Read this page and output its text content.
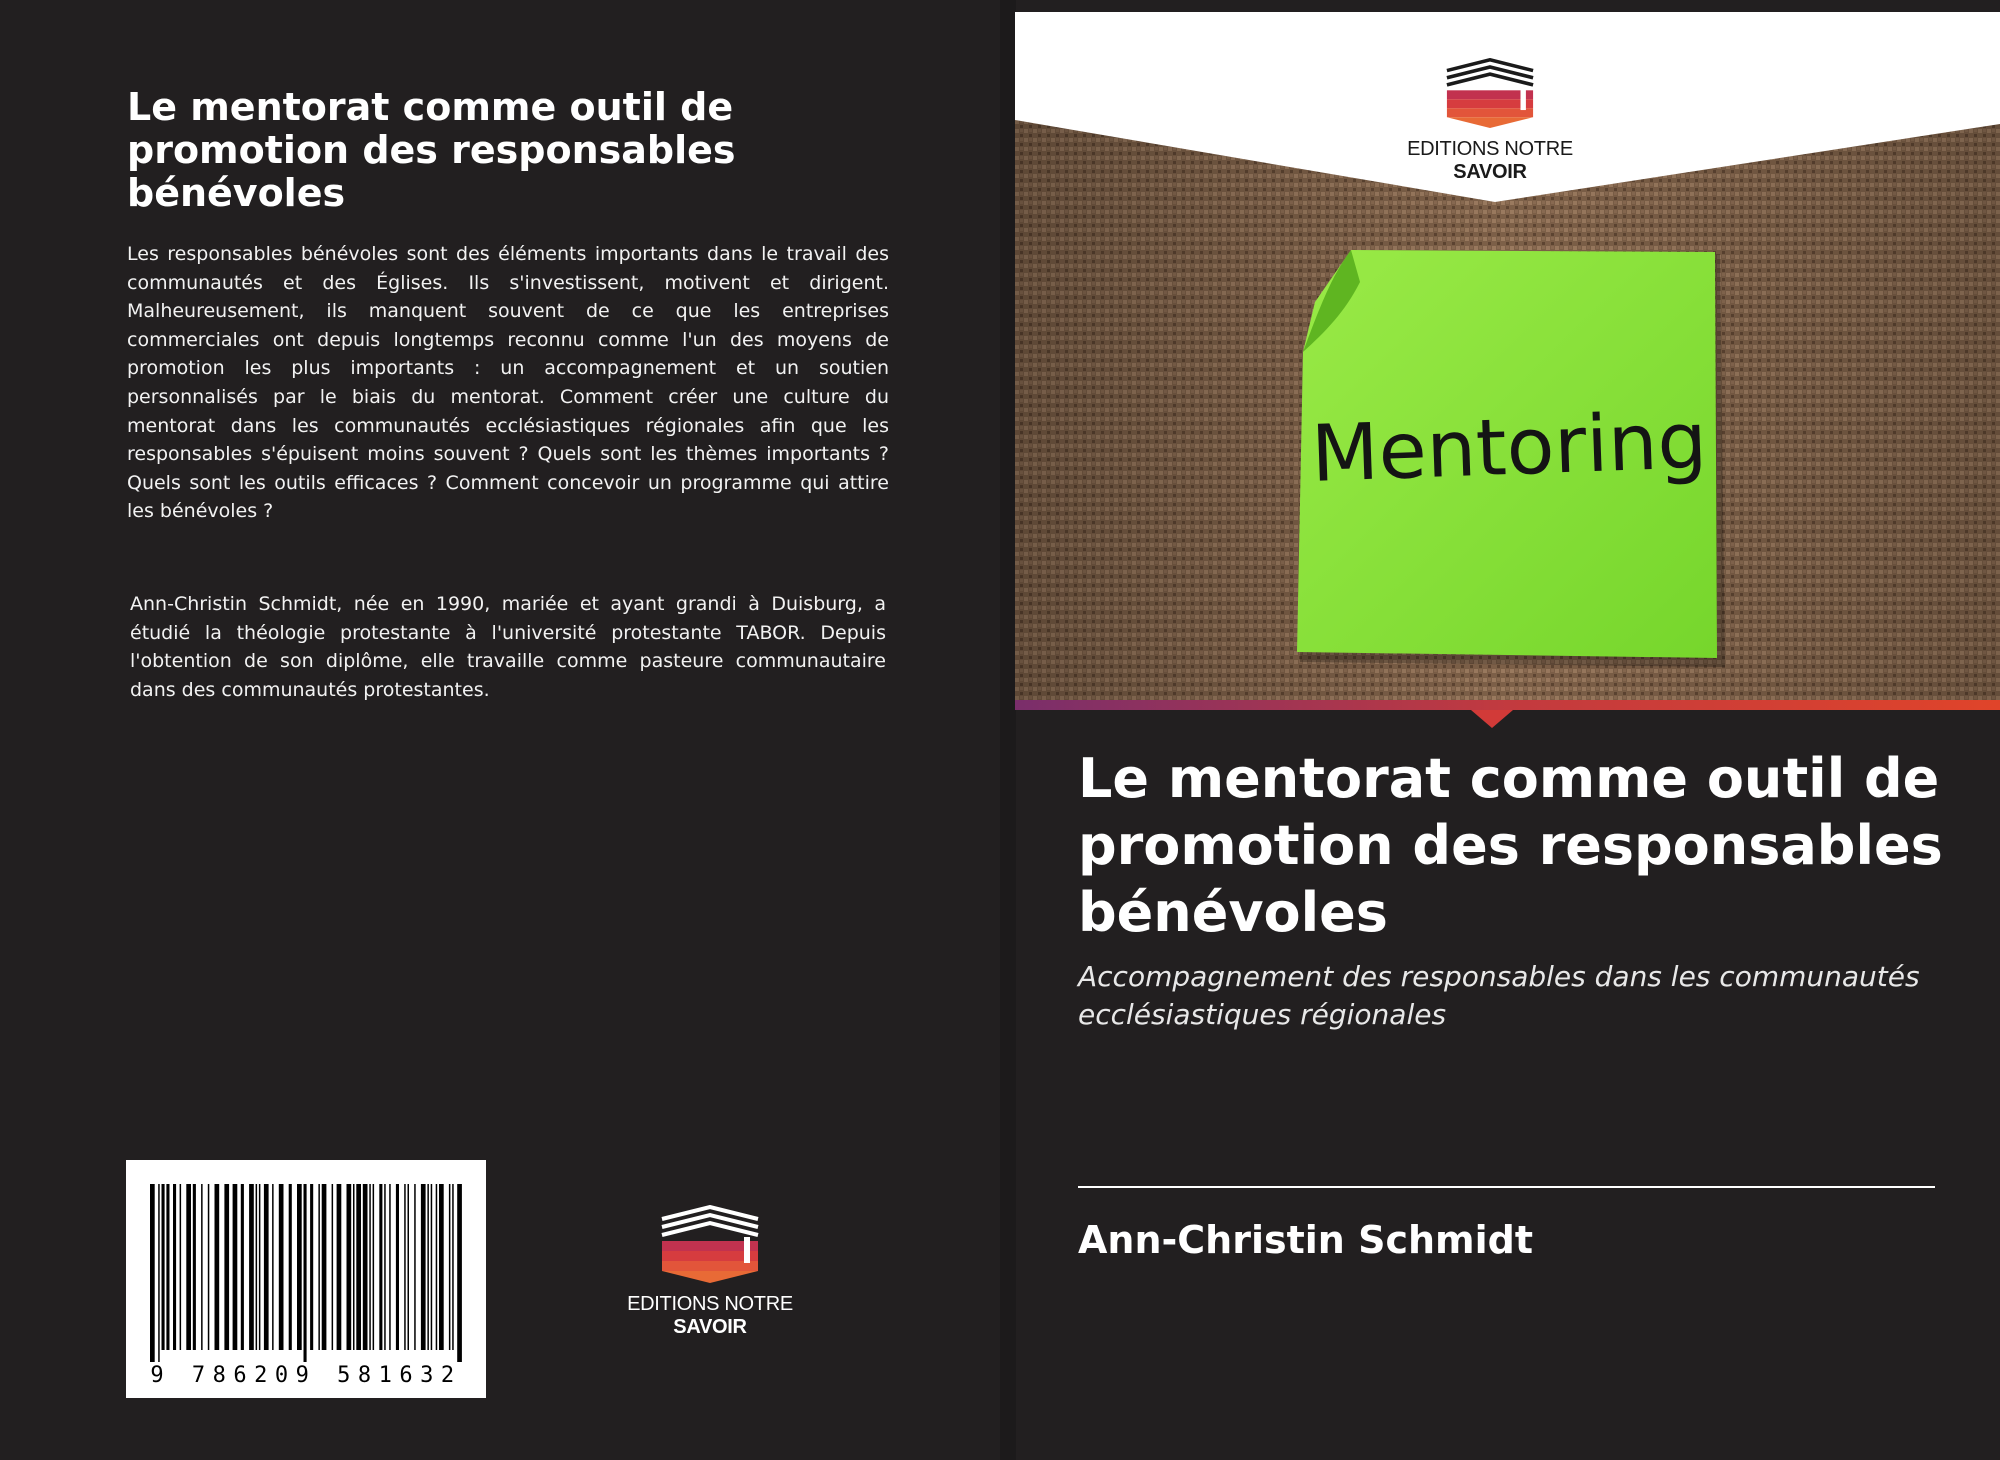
Le mentorat comme outil de promotion des responsables bénévoles

Les responsables bénévoles sont des éléments importants dans le travail des communautés et des Églises. Ils s'investissent, motivent et dirigent. Malheureusement, ils manquent souvent de ce que les entreprises commerciales ont depuis longtemps reconnu comme l'un des moyens de promotion les plus importants : un accompagnement et un soutien personnalisés par le biais du mentorat. Comment créer une culture du mentorat dans les communautés ecclésiastiques régionales afin que les responsables s'épuisent moins souvent ? Quels sont les thèmes importants ? Quels sont les outils efficaces ? Comment concevoir un programme qui attire les bénévoles ?

Ann-Christin Schmidt, née en 1990, mariée et ayant grandi à Duisburg, a étudié la théologie protestante à l'université protestante TABOR. Depuis l'obtention de son diplôme, elle travaille comme pasteure communautaire dans des communautés protestantes.

9 786209 581632

EDITIONS NOTRE SAVOIR

Mentoring

EDITIONS NOTRE SAVOIR

Le mentorat comme outil de promotion des responsables bénévoles

Accompagnement des responsables dans les communautés ecclésiastiques régionales

Ann-Christin Schmidt
